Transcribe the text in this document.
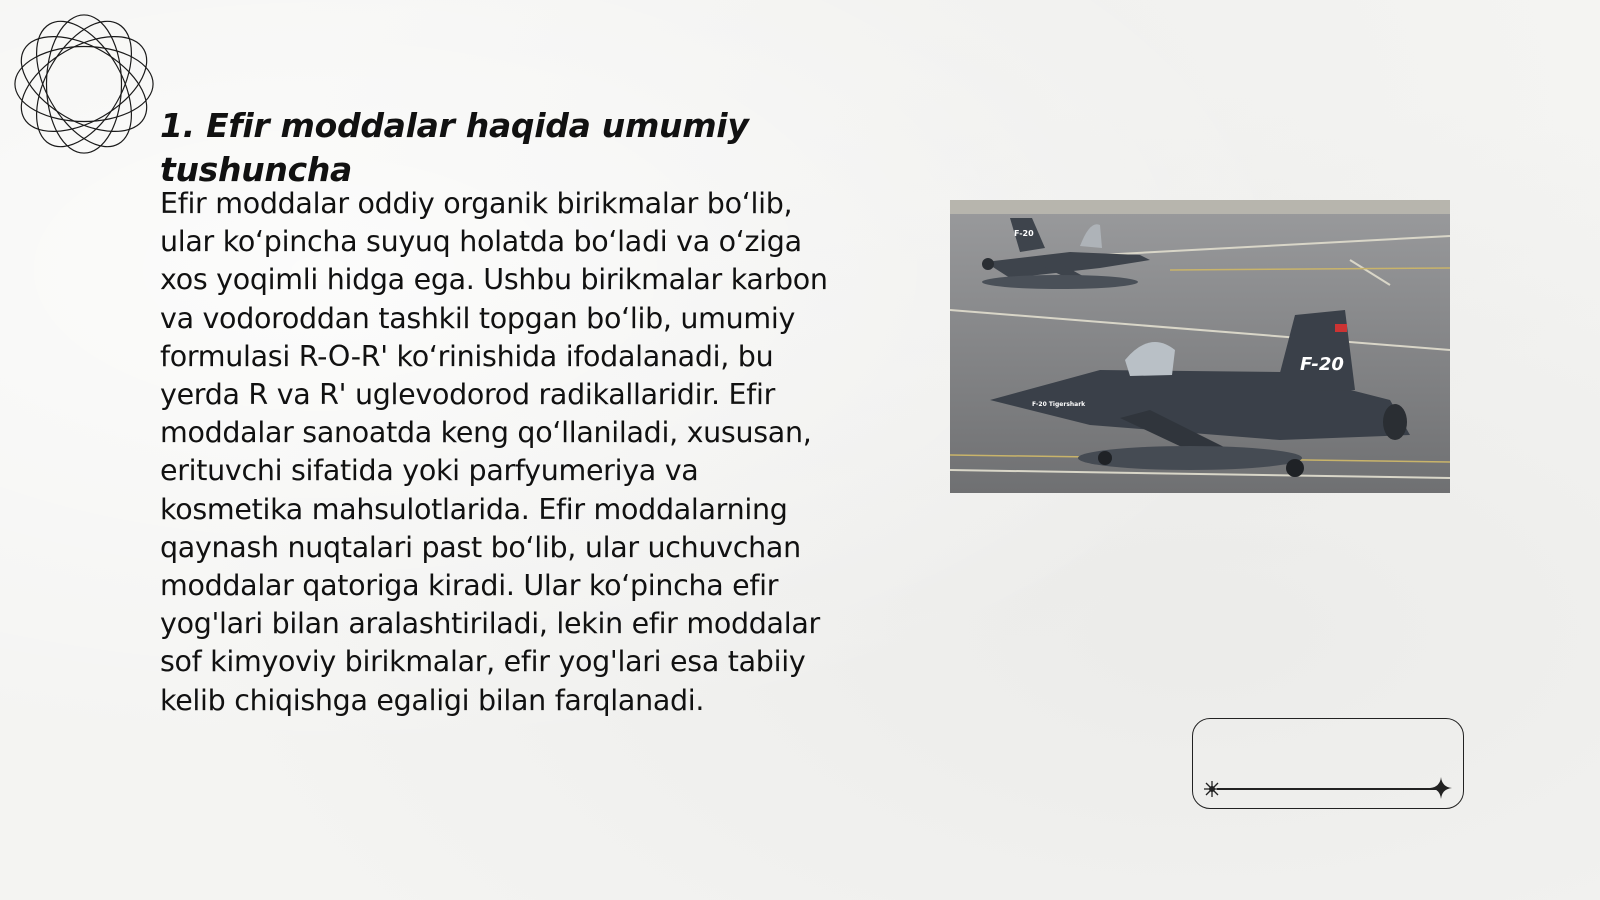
1. Efir moddalar haqida umumiy tushuncha

Efir moddalar oddiy organik birikmalar bo‘lib, ular ko‘pincha suyuq holatda bo‘ladi va o‘ziga xos yoqimli hidga ega. Ushbu birikmalar karbon va vodoroddan tashkil topgan bo‘lib, umumiy formulasi R-O-R' ko‘rinishida ifodalanadi, bu yerda R va R' uglevodorod radikallaridir. Efir moddalar sanoatda keng qo‘llaniladi, xususan, erituvchi sifatida yoki parfyumeriya va kosmetika mahsulotlarida. Efir moddalarning qaynash nuqtalari past bo‘lib, ular uchuvchan moddalar qatoriga kiradi. Ular ko‘pincha efir yog'lari bilan aralashtiriladi, lekin efir moddalar sof kimyoviy birikmalar, efir yog'lari esa tabiiy kelib chiqishga egaligi bilan farqlanadi.

F-20
F-20
F-20 Tigershark
